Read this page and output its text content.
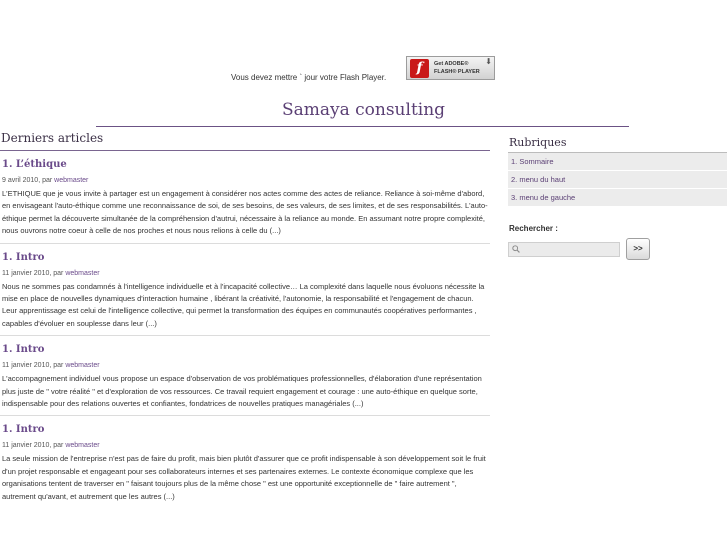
Vous devez mettre ` jour votre Flash Player.
f	Get ADOBE®
FLASH® PLAYER
⬇
Samaya consulting
Derniers articles
1. L’éthique
9 avril 2010, par webmaster

L'ETHIQUE que je vous invite à partager est un engagement à considérer nos actes comme des actes de reliance. Reliance à soi-même d'abord, en envisageant l'auto-éthique comme une reconnaissance de soi, de ses besoins, de ses valeurs, de ses limites, et de ses responsabilités. L'auto-éthique permet la découverte simultanée de la compréhension d'autrui, nécessaire à la reliance au monde. En assumant notre propre complexité, nous ouvrons notre coeur à celle de nos proches et nous nous relions à celle du (...)

1. Intro
11 janvier 2010, par webmaster

Nous ne sommes pas condamnés à l'intelligence individuelle et à l'incapacité collective… La complexité dans laquelle nous évoluons nécessite la mise en place de nouvelles dynamiques d'interaction humaine , libérant la créativité, l'autonomie, la responsabilité et l'engagement de chacun. Leur apprentissage est celui de l'intelligence collective, qui permet la transformation des équipes en communautés coopératives performantes , capables d'évoluer en souplesse dans leur (...)

1. Intro
11 janvier 2010, par webmaster

L'accompagnement individuel vous propose un espace d'observation de vos problématiques professionnelles, d'élaboration d'une représentation plus juste de " votre réalité " et d'exploration de vos ressources. Ce travail requiert engagement et courage : une auto-éthique en quelque sorte, indispensable pour des relations ouvertes et confiantes, fondatrices de nouvelles pratiques managériales (...)

1. Intro
11 janvier 2010, par webmaster

La seule mission de l'entreprise n'est pas de faire du profit, mais bien plutôt d'assurer que ce profit indispensable à son développement soit le fruit d'un projet responsable et engageant pour ses collaborateurs internes et ses partenaires externes. Le contexte économique complexe que les organisations tentent de traverser en " faisant toujours plus de la même chose " est une opportunité exceptionnelle de " faire autrement ", autrement qu'avant, et autrement que les autres (...)

Rubriques
1. Sommaire
2. menu du haut
3. menu de gauche
Rechercher :
>>
